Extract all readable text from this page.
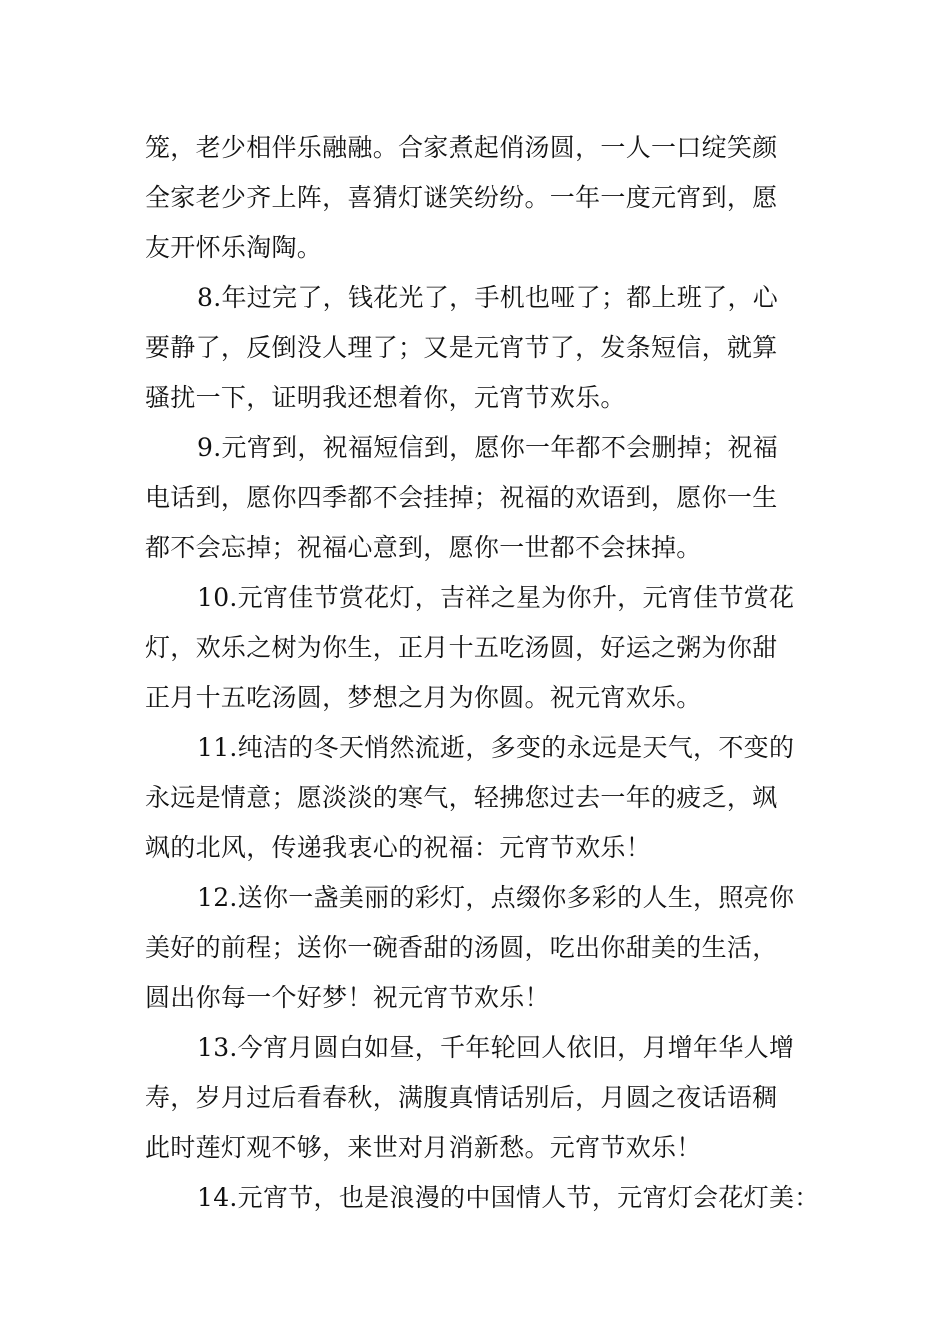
笼，老少相伴乐融融。合家煮起俏汤圆，一人一口绽笑颜
全家老少齐上阵，喜猜灯谜笑纷纷。一年一度元宵到，愿
友开怀乐淘陶。
8.年过完了，钱花光了，手机也哑了；都上班了，心
要静了，反倒没人理了；又是元宵节了，发条短信，就算
骚扰一下，证明我还想着你，元宵节欢乐。
9.元宵到，祝福短信到，愿你一年都不会删掉；祝福
电话到，愿你四季都不会挂掉；祝福的欢语到，愿你一生
都不会忘掉；祝福心意到，愿你一世都不会抹掉。
10.元宵佳节赏花灯，吉祥之星为你升，元宵佳节赏花
灯，欢乐之树为你生，正月十五吃汤圆，好运之粥为你甜
正月十五吃汤圆，梦想之月为你圆。祝元宵欢乐。
11.纯洁的冬天悄然流逝，多变的永远是天气，不变的
永远是情意；愿淡淡的寒气，轻拂您过去一年的疲乏，飒
飒的北风，传递我衷心的祝福：元宵节欢乐！
12.送你一盏美丽的彩灯，点缀你多彩的人生，照亮你
美好的前程；送你一碗香甜的汤圆，吃出你甜美的生活，
圆出你每一个好梦！祝元宵节欢乐！
13.今宵月圆白如昼，千年轮回人依旧，月增年华人增
寿，岁月过后看春秋，满腹真情话别后，月圆之夜话语稠
此时莲灯观不够，来世对月消新愁。元宵节欢乐！
14.元宵节，也是浪漫的中国情人节，元宵灯会花灯美：
